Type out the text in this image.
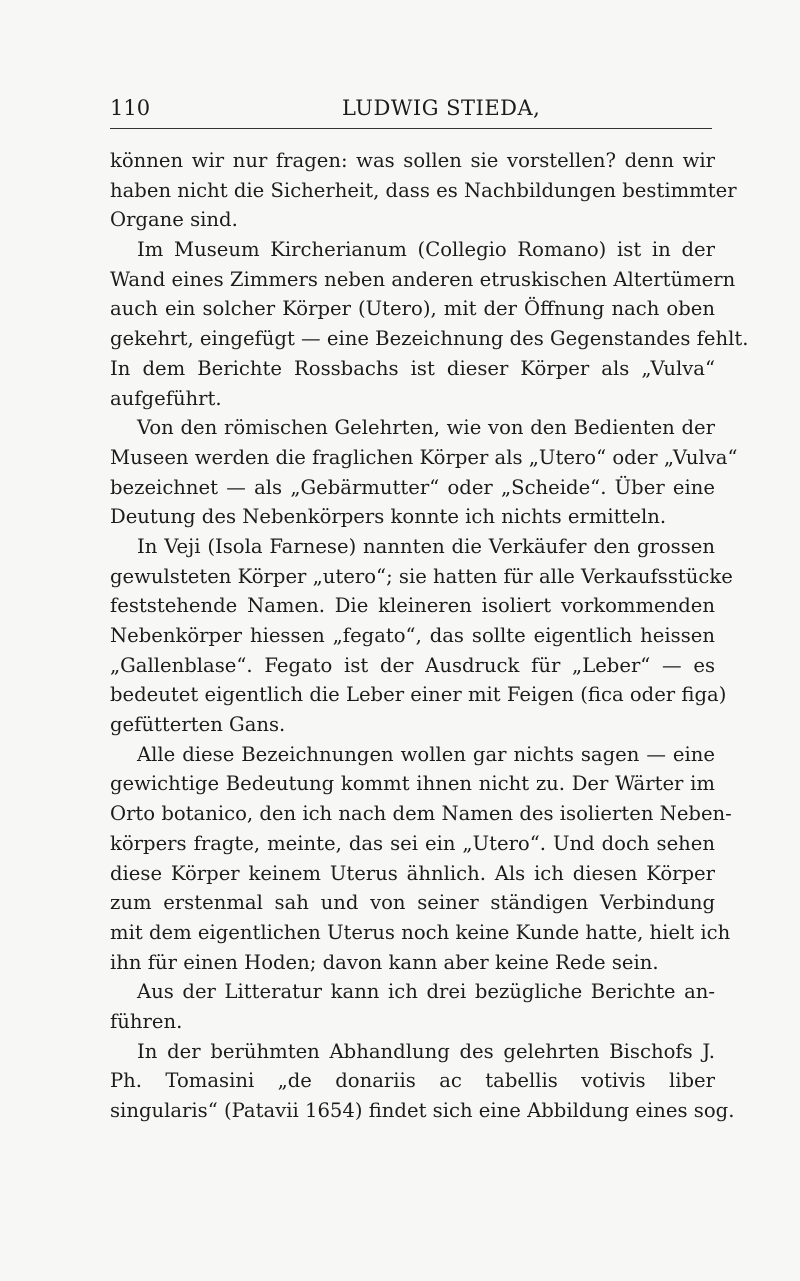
110	LUDWIG STIEDA,
können wir nur fragen: was sollen sie vorstellen? denn wir
haben nicht die Sicherheit, dass es Nachbildungen bestimmter
Organe sind.
Im Museum Kircherianum (Collegio Romano) ist in der
Wand eines Zimmers neben anderen etruskischen Altertümern
auch ein solcher Körper (Utero), mit der Öffnung nach oben
gekehrt, eingefügt — eine Bezeichnung des Gegenstandes fehlt.
In dem Berichte Rossbachs ist dieser Körper als „Vulva“
aufgeführt.
Von den römischen Gelehrten, wie von den Bedienten der
Museen werden die fraglichen Körper als „Utero“ oder „Vulva“
bezeichnet — als „Gebärmutter“ oder „Scheide“. Über eine
Deutung des Nebenkörpers konnte ich nichts ermitteln.
In Veji (Isola Farnese) nannten die Verkäufer den grossen
gewulsteten Körper „utero“; sie hatten für alle Verkaufsstücke
feststehende Namen. Die kleineren isoliert vorkommenden
Nebenkörper hiessen „fegato“, das sollte eigentlich heissen
„Gallenblase“. Fegato ist der Ausdruck für „Leber“ — es
bedeutet eigentlich die Leber einer mit Feigen (fica oder figa)
gefütterten Gans.
Alle diese Bezeichnungen wollen gar nichts sagen — eine
gewichtige Bedeutung kommt ihnen nicht zu. Der Wärter im
Orto botanico, den ich nach dem Namen des isolierten Neben-
körpers fragte, meinte, das sei ein „Utero“. Und doch sehen
diese Körper keinem Uterus ähnlich. Als ich diesen Körper
zum erstenmal sah und von seiner ständigen Verbindung
mit dem eigentlichen Uterus noch keine Kunde hatte, hielt ich
ihn für einen Hoden; davon kann aber keine Rede sein.
Aus der Litteratur kann ich drei bezügliche Berichte an-
führen.
In der berühmten Abhandlung des gelehrten Bischofs J.
Ph. Tomasini „de donariis ac tabellis votivis liber
singularis“ (Patavii 1654) findet sich eine Abbildung eines sog.
